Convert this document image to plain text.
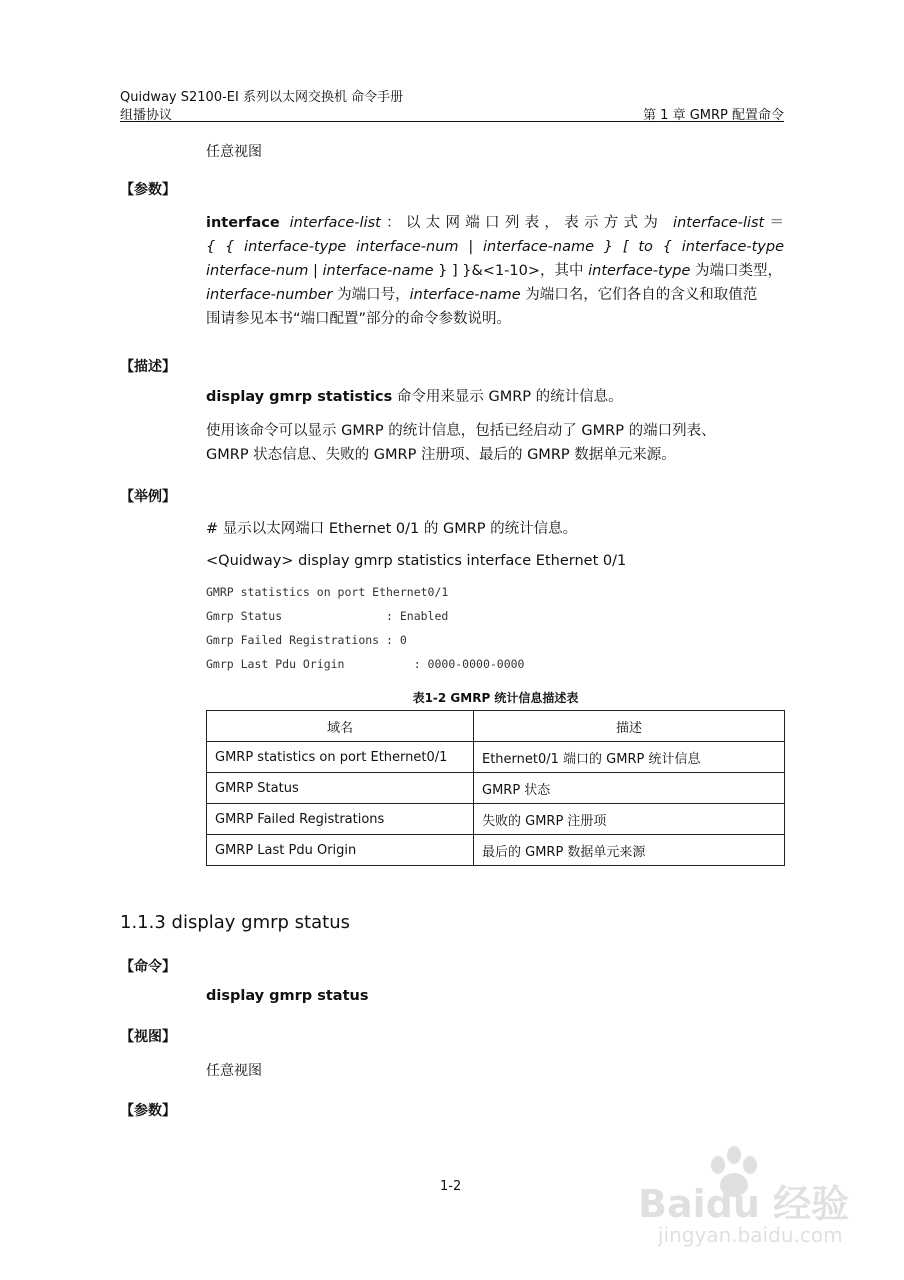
Quidway S2100-EI 系列以太网交换机 命令手册
组播协议	第 1 章 GMRP 配置命令
任意视图
【参数】
interface interface-list：以太网端口列表，表示方式为 interface-list＝
{ { interface-type interface-num | interface-name } [ to { interface-type
interface-num | interface-name } ] }&<1-10>，其中 interface-type 为端口类型，
interface-number 为端口号，interface-name 为端口名，它们各自的含义和取值范
围请参见本书“端口配置”部分的命令参数说明。
【描述】
display gmrp statistics 命令用来显示 GMRP 的统计信息。
使用该命令可以显示 GMRP 的统计信息，包括已经启动了 GMRP 的端口列表、
GMRP 状态信息、失败的 GMRP 注册项、最后的 GMRP 数据单元来源。
【举例】
# 显示以太网端口 Ethernet 0/1 的 GMRP 的统计信息。
<Quidway> display gmrp statistics interface Ethernet 0/1
GMRP statistics on port Ethernet0/1
Gmrp Status               : Enabled
Gmrp Failed Registrations : 0
Gmrp Last Pdu Origin          : 0000-0000-0000
表1-2 GMRP 统计信息描述表
域名	描述
GMRP statistics on port Ethernet0/1	Ethernet0/1 端口的 GMRP 统计信息
GMRP Status	GMRP 状态
GMRP Failed Registrations	失败的 GMRP 注册项
GMRP Last Pdu Origin	最后的 GMRP 数据单元来源
1.1.3 display gmrp status
【命令】
display gmrp status
【视图】
任意视图
【参数】
1-2	Baidu 经验
jingyan.baidu.com
